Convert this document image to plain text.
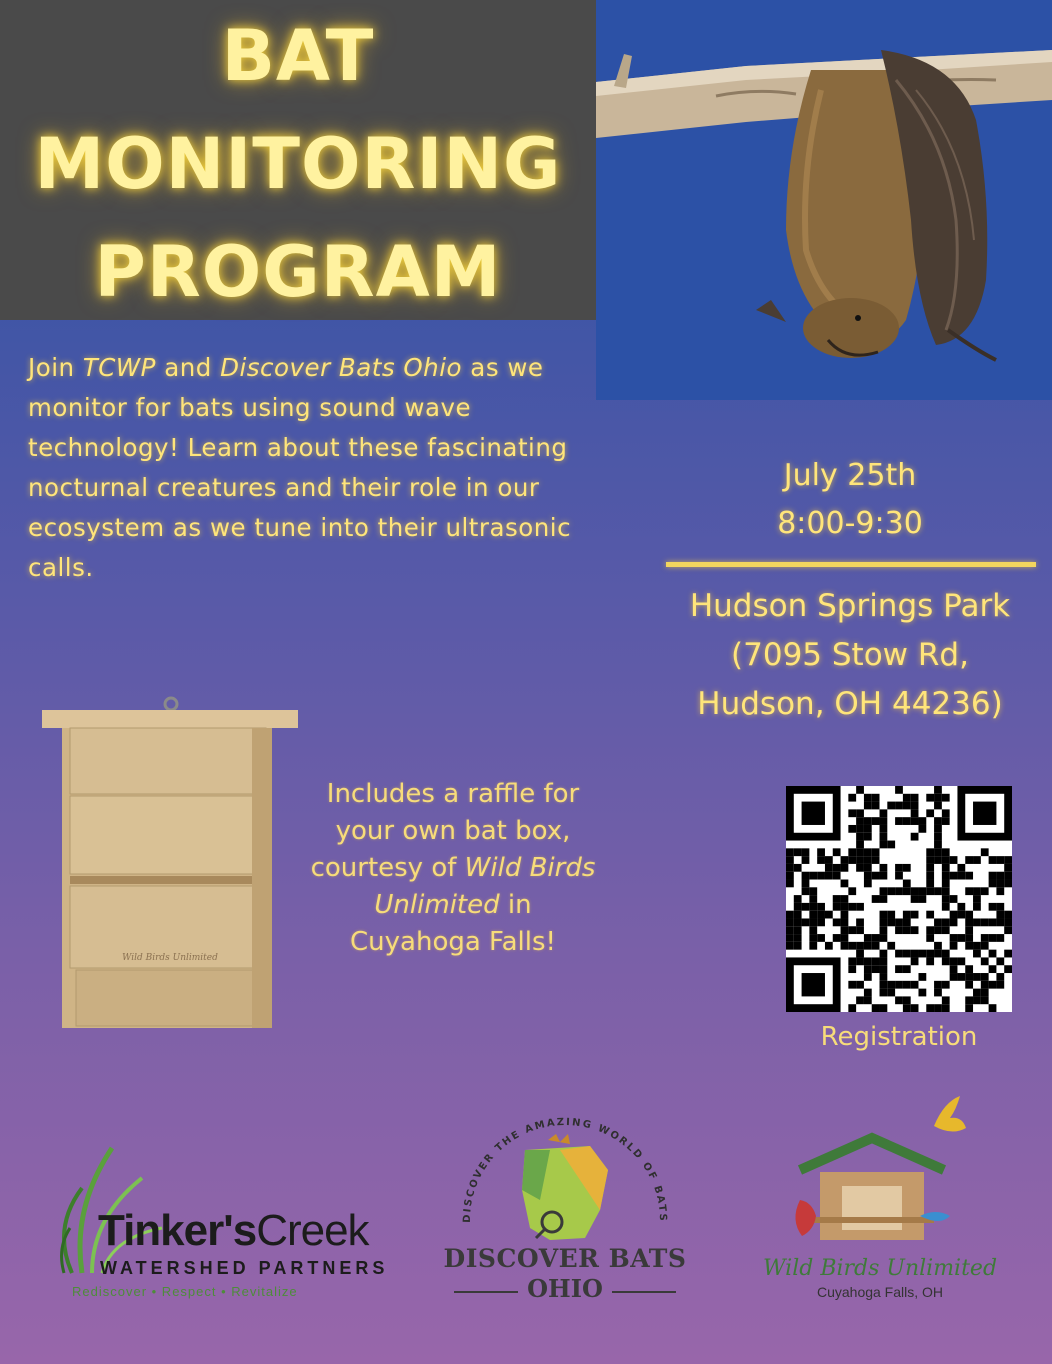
BAT
MONITORING
PROGRAM
Join TCWP and Discover Bats Ohio as we monitor for bats using sound wave technology! Learn about these fascinating nocturnal creatures and their role in our ecosystem as we tune into their ultrasonic calls.
July 25th
8:00-9:30
Hudson Springs Park
(7095 Stow Rd,
Hudson, OH 44236)
Wild Birds Unlimited
Includes a raffle for your own bat box, courtesy of Wild Birds Unlimited in Cuyahoga Falls!
Registration
Tinker'sCreek
WATERSHED PARTNERS
Rediscover • Respect • Revitalize
DISCOVER THE AMAZING WORLD OF BATS
DISCOVER BATS
OHIO
Wild Birds Unlimited
Cuyahoga Falls, OH
